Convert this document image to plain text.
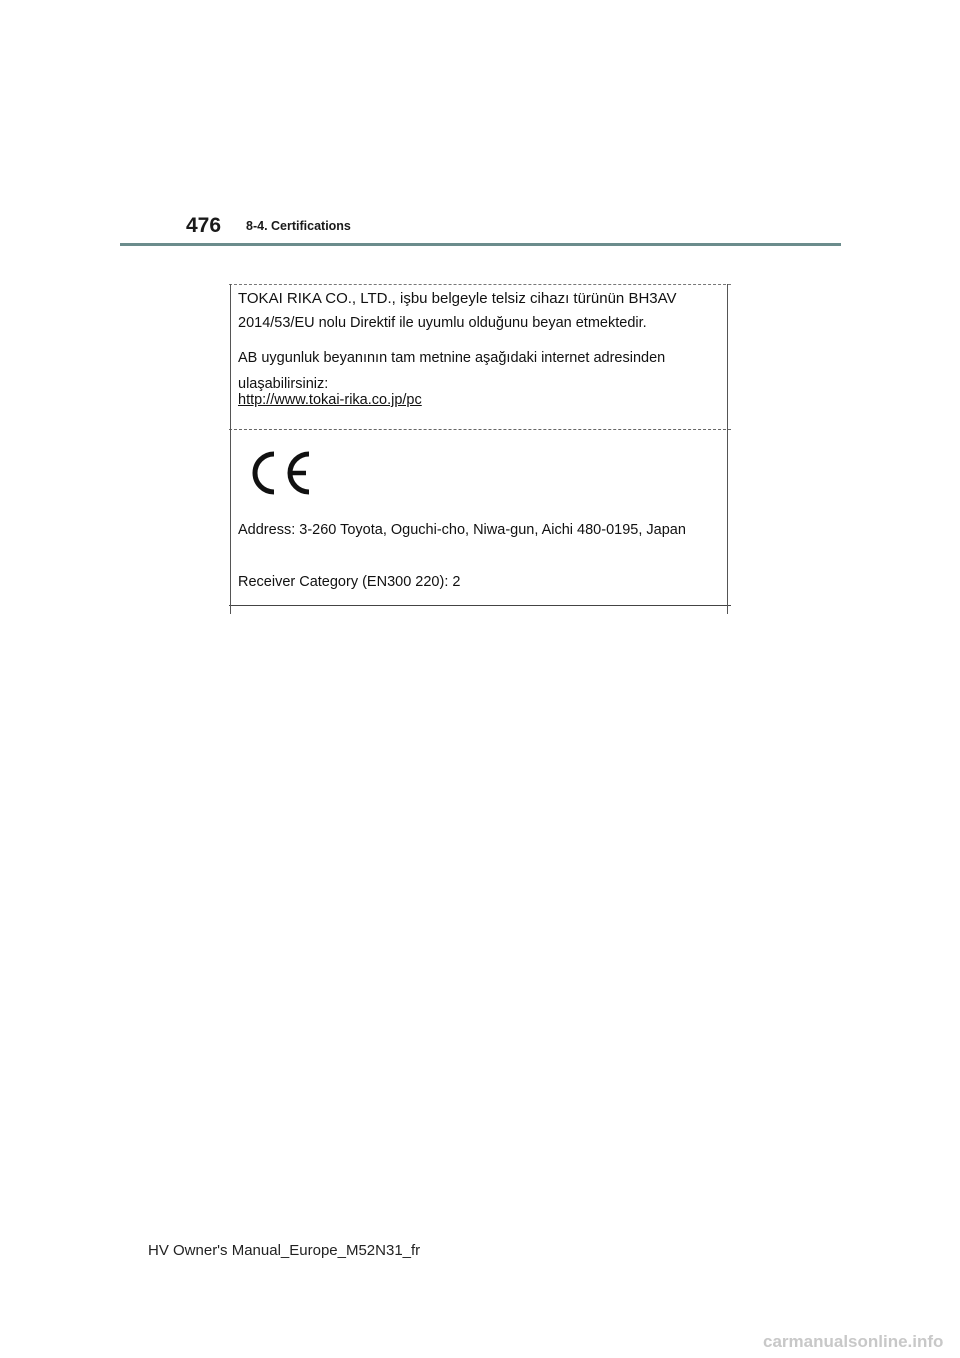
476 8-4. Certifications
TOKAI RIKA CO., LTD., işbu belgeyle telsiz cihazı türünün BH3AV
2014/53/EU nolu Direktif ile uyumlu olduğunu beyan etmektedir.
AB uygunluk beyanının tam metnine aşağıdaki internet adresinden
ulaşabilirsiniz:
http://www.tokai-rika.co.jp/pc
Address: 3-260 Toyota, Oguchi-cho, Niwa-gun, Aichi 480-0195, Japan
Receiver Category (EN300 220): 2
HV Owner's Manual_Europe_M52N31_fr
carmanualsonline.info
